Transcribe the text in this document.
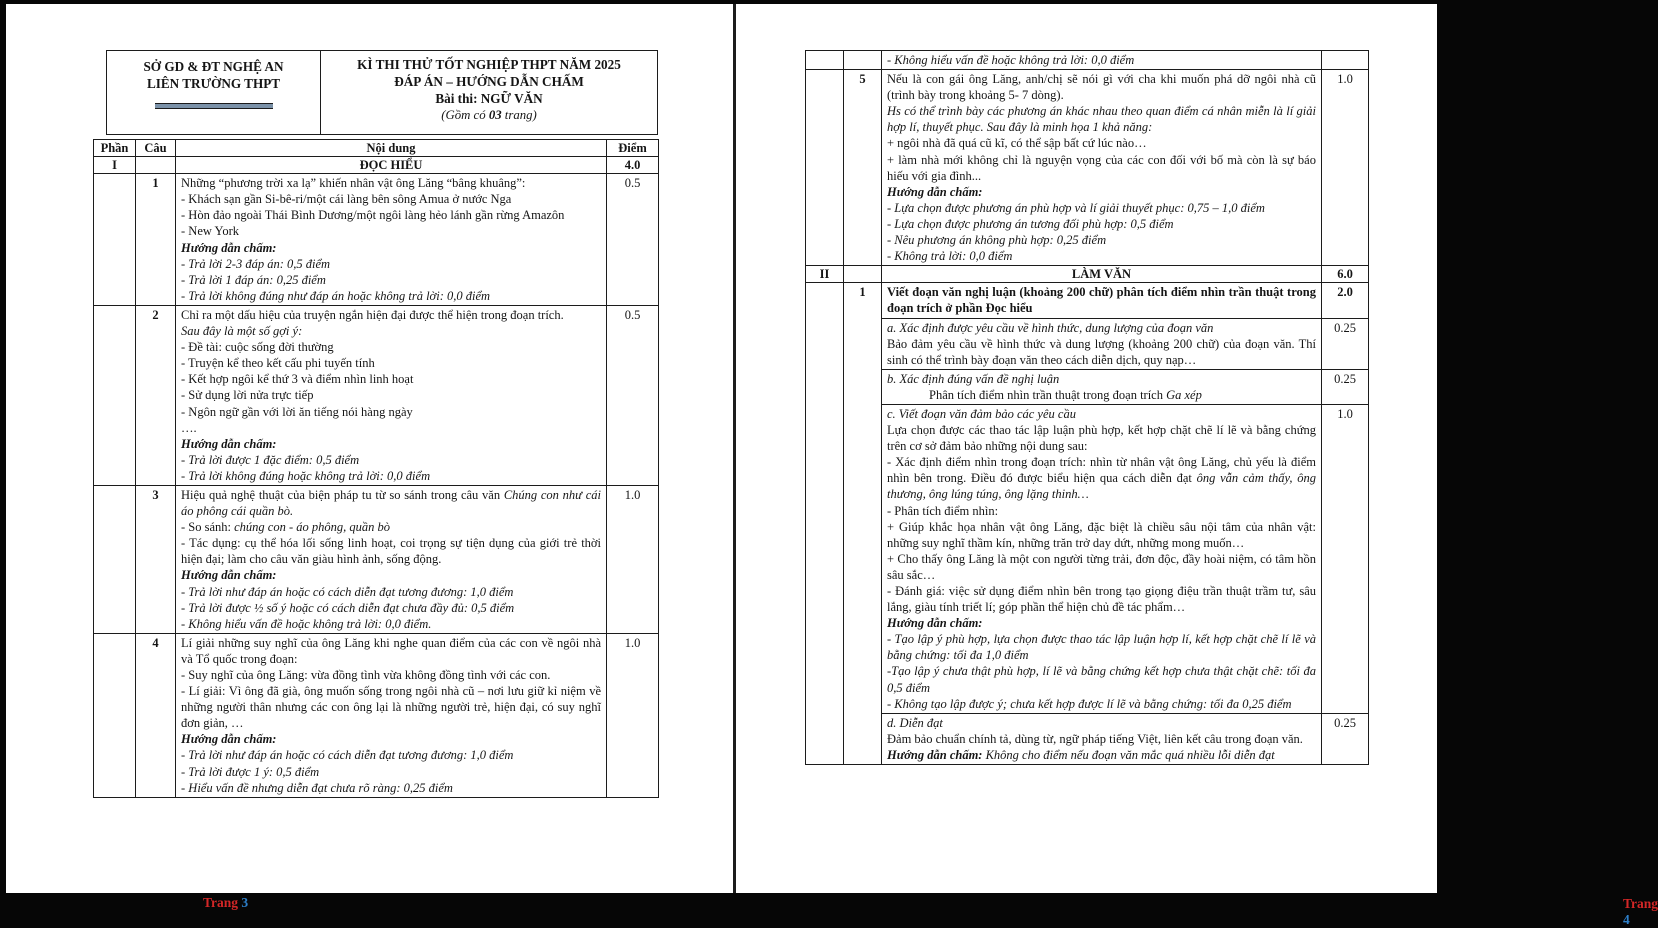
SỞ GD & ĐT NGHỆ AN
LIÊN TRƯỜNG THPT
KÌ THI THỬ TỐT NGHIỆP THPT NĂM 2025
ĐÁP ÁN – HƯỚNG DẪN CHẤM
Bài thi: NGỮ VĂN
(Gồm có 03 trang)
Phần	Câu	Nội dung	Điểm
I		ĐỌC HIỂU	4.0
	1	Những “phương trời xa lạ” khiến nhân vật ông Lăng “bâng khuâng”:
- Khách sạn gần Si-bê-ri/một cái làng bên sông Amua ở nước Nga
- Hòn đảo ngoài Thái Bình Dương/một ngôi làng hẻo lánh gần rừng Amazôn
- New York
Hướng dẫn chấm:
- Trả lời 2-3 đáp án: 0,5 điểm
- Trả lời 1 đáp án: 0,25 điểm
- Trả lời không đúng như đáp án hoặc không trả lời: 0,0 điểm
	0.5
	2	Chỉ ra một dấu hiệu của truyện ngắn hiện đại được thể hiện trong đoạn trích.
Sau đây là một số gợi ý:
- Đề tài: cuộc sống đời thường
- Truyện kể theo kết cấu phi tuyến tính
- Kết hợp ngôi kể thứ 3 và điểm nhìn linh hoạt
- Sử dụng lời nửa trực tiếp
- Ngôn ngữ gần với lời ăn tiếng nói hàng ngày
….
Hướng dẫn chấm:
- Trả lời được 1 đặc điểm: 0,5 điểm
- Trả lời không đúng hoặc không trả lời: 0,0 điểm
	0.5
	3	Hiệu quả nghệ thuật của biện pháp tu từ so sánh trong câu văn Chúng con như cái áo phông cái quần bò.
- So sánh: chúng con - áo phông, quần bò
- Tác dụng: cụ thể hóa lối sống linh hoạt, coi trọng sự tiện dụng của giới trẻ thời hiện đại; làm cho câu văn giàu hình ảnh, sống động.
Hướng dẫn chấm:
- Trả lời như đáp án hoặc có cách diễn đạt tương đương: 1,0 điểm
- Trả lời được ½ số ý hoặc có cách diễn đạt chưa đầy đủ: 0,5 điểm
- Không hiểu vấn đề hoặc không trả lời: 0,0 điểm.
	1.0
	4	Lí giải những suy nghĩ của ông Lăng khi nghe quan điểm của các con về ngôi nhà và Tổ quốc trong đoạn:
- Suy nghĩ của ông Lăng: vừa đồng tình vừa không đồng tình với các con.
- Lí giải: Vì ông đã già, ông muốn sống trong ngôi nhà cũ – nơi lưu giữ kỉ niệm về những người thân nhưng các con ông lại là những người trẻ, hiện đại, có suy nghĩ đơn giản, …
Hướng dẫn chấm:
- Trả lời như đáp án hoặc có cách diễn đạt tương đương: 1,0 điểm
- Trả lời được 1 ý: 0,5 điểm
- Hiểu vấn đề nhưng diễn đạt chưa rõ ràng: 0,25 điểm
	1.0
Trang 3

		- Không hiểu vấn đề hoặc không trả lời: 0,0 điểm	

	5	Nếu là con gái ông Lăng, anh/chị sẽ nói gì với cha khi muốn phá dỡ ngôi nhà cũ (trình bày trong khoảng 5- 7 dòng).
Hs có thể trình bày các phương án khác nhau theo quan điểm cá nhân miễn là lí giải hợp lí, thuyết phục. Sau đây là minh họa 1 khả năng:
+ ngôi nhà đã quá cũ kĩ, có thể sập bất cứ lúc nào…
+ làm nhà mới không chỉ là nguyện vọng của các con đối với bố mà còn là sự báo hiếu với gia đình...
Hướng dẫn chấm:
- Lựa chọn được phương án phù hợp và lí giải thuyết phục: 0,75 – 1,0 điểm
- Lựa chọn được phương án tương đối phù hợp: 0,5 điểm
- Nêu phương án không phù hợp: 0,25 điểm
- Không trả lời: 0,0 điểm
	1.0
II		LÀM VĂN	6.0
	1	Viết đoạn văn nghị luận (khoảng 200 chữ) phân tích điểm nhìn trần thuật trong đoạn trích ở phần Đọc hiểu	2.0

		a. Xác định được yêu cầu về hình thức, dung lượng của đoạn văn
Bảo đảm yêu cầu về hình thức và dung lượng (khoảng 200 chữ) của đoạn văn. Thí sinh có thể trình bày đoạn văn theo cách diễn dịch, quy nạp…	0.25

		b. Xác định đúng vấn đề nghị luận
Phân tích điểm nhìn trần thuật trong đoạn trích Ga xép	0.25

c. Viết đoạn văn đảm bảo các yêu cầu
Lựa chọn được các thao tác lập luận phù hợp, kết hợp chặt chẽ lí lẽ và bằng chứng trên cơ sở đảm bảo những nội dung sau:
- Xác định điểm nhìn trong đoạn trích: nhìn từ nhân vật ông Lăng, chủ yếu là điểm nhìn bên trong. Điều đó được biểu hiện qua cách diễn đạt ông vẫn cảm thấy, ông thương, ông lúng túng, ông lặng thinh…
- Phân tích điểm nhìn:
+ Giúp khắc họa nhân vật ông Lăng, đặc biệt là chiều sâu nội tâm của nhân vật: những suy nghĩ thầm kín, những trăn trở day dứt, những mong muốn…
+ Cho thấy ông Lăng là một con người từng trải, đơn độc, đầy hoài niệm, có tâm hồn sâu sắc…
- Đánh giá: việc sử dụng điểm nhìn bên trong tạo giọng điệu trần thuật trầm tư, sâu lắng, giàu tính triết lí; góp phần thể hiện chủ đề tác phẩm…
Hướng dẫn chấm:
- Tạo lập ý phù hợp, lựa chọn được thao tác lập luận hợp lí, kết hợp chặt chẽ lí lẽ và bằng chứng: tối đa 1,0 điểm
-Tạo lập ý chưa thật phù hợp, lí lẽ và bằng chứng kết hợp chưa thật chặt chẽ: tối đa 0,5 điểm
- Không tạo lập được ý; chưa kết hợp được lí lẽ và bằng chứng: tối đa 0,25 điểm
	1.0

		d. Diễn đạt
Đảm bảo chuẩn chính tả, dùng từ, ngữ pháp tiếng Việt, liên kết câu trong đoạn văn.
Hướng dẫn chấm: Không cho điểm nếu đoạn văn mắc quá nhiều lỗi diễn đạt	0.25
Trang 4
